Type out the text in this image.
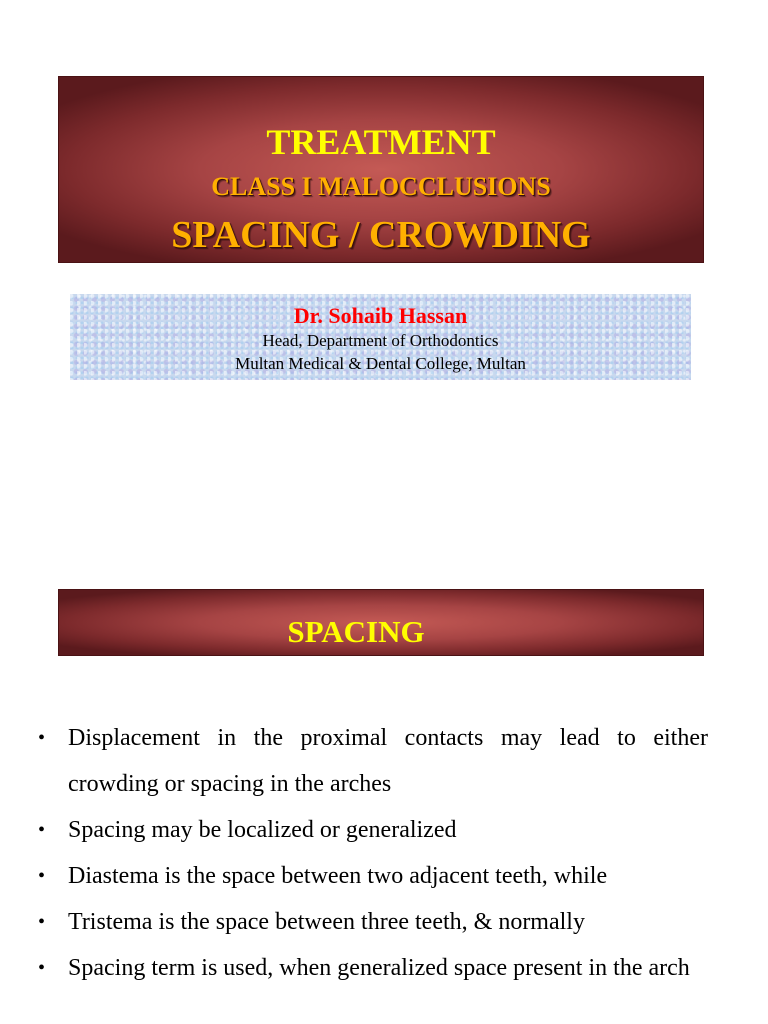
TREATMENT
CLASS I MALOCCLUSIONS
SPACING / CROWDING
Dr. Sohaib Hassan
Head, Department of Orthodontics
Multan Medical & Dental College, Multan
SPACING
• Displacement in the proximal contacts may lead to either crowding or spacing in the arches
• Spacing may be localized or generalized
• Diastema is the space between two adjacent teeth, while
• Tristema is the space between three teeth, & normally
• Spacing term is used, when generalized space present in the arch
